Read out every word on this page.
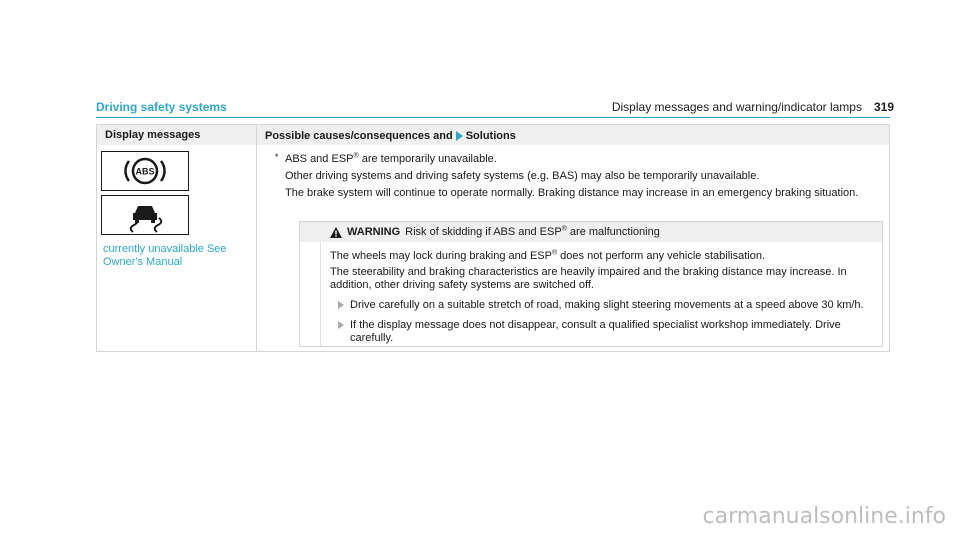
Display messages and warning/indicator lamps 319
Driving safety systems
Display messages	Possible causes/consequences and Solutions
ABS
currently unavailable See Owner's Manual
* ABS and ESP® are temporarily unavailable.

Other driving systems and driving safety systems (e.g. BAS) may also be temporarily unavailable.

The brake system will continue to operate normally. Braking distance may increase in an emergency braking situation.

WARNING Risk of skidding if ABS and ESP® are malfunctioning

The wheels may lock during braking and ESP® does not perform any vehicle stabilisation.

The steerability and braking characteristics are heavily impaired and the braking distance may increase. In addition, other driving safety systems are switched off.

Drive carefully on a suitable stretch of road, making slight steering movements at a speed above 30 km/h.

If the display message does not disappear, consult a qualified specialist workshop immediately. Drive carefully.

carmanualsonline.info
